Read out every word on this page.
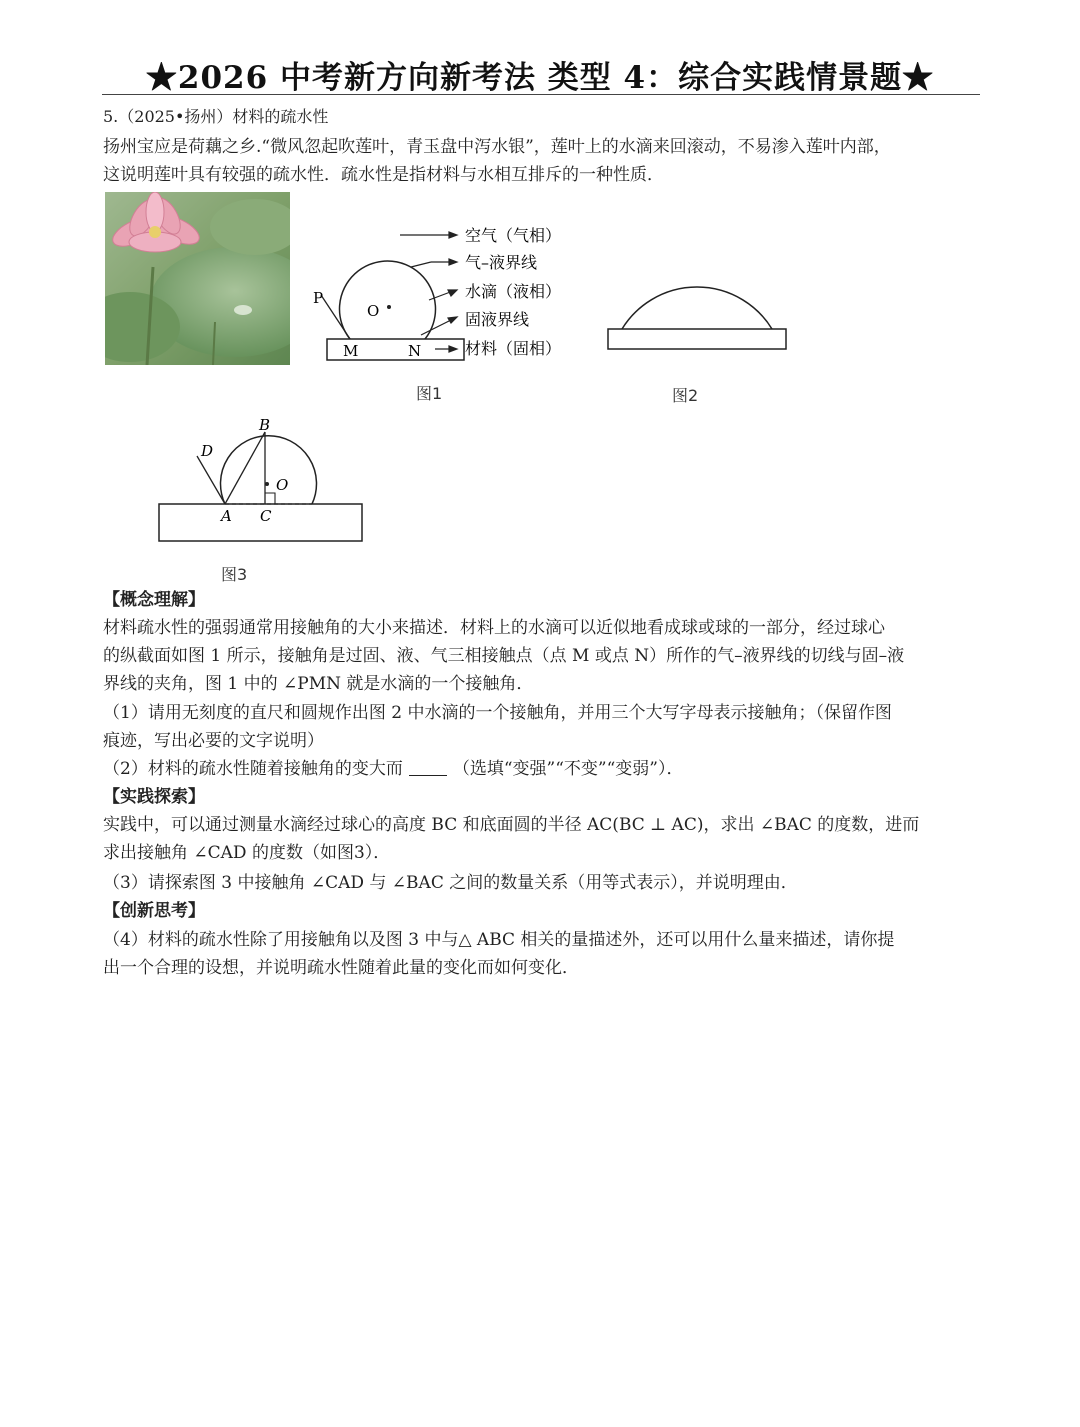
★2026 中考新方向新考法 类型 4：综合实践情景题★
5.（2025•扬州）材料的疏水性
扬州宝应是荷藕之乡.“微风忽起吹莲叶，青玉盘中泻水银”，莲叶上的水滴来回滚动，不易渗入莲叶内部，
这说明莲叶具有较强的疏水性．疏水性是指材料与水相互排斥的一种性质．
P
O
M	N
空气（气相）
气–液界线
水滴（液相）
固液界线
材料（固相）
图1	图2
D
B
O
A C
图3
【概念理解】
材料疏水性的强弱通常用接触角的大小来描述．材料上的水滴可以近似地看成球或球的一部分，经过球心
的纵截面如图 1 所示，接触角是过固、液、气三相接触点（点 M 或点 N）所作的气–液界线的切线与固–液
界线的夹角，图 1 中的 ∠PMN 就是水滴的一个接触角．
（1）请用无刻度的直尺和圆规作出图 2 中水滴的一个接触角，并用三个大写字母表示接触角；（保留作图
痕迹，写出必要的文字说明）
（2）材料的疏水性随着接触角的变大而	（选填“变强”“不变”“变弱”）．
【实践探索】
实践中，可以通过测量水滴经过球心的高度 BC 和底面圆的半径 AC(BC ⊥ AC)，求出 ∠BAC 的度数，进而
求出接触角 ∠CAD 的度数（如图3）．
（3）请探索图 3 中接触角 ∠CAD 与 ∠BAC 之间的数量关系（用等式表示），并说明理由．
【创新思考】
（4）材料的疏水性除了用接触角以及图 3 中与△ ABC 相关的量描述外，还可以用什么量来描述，请你提
出一个合理的设想，并说明疏水性随着此量的变化而如何变化．
